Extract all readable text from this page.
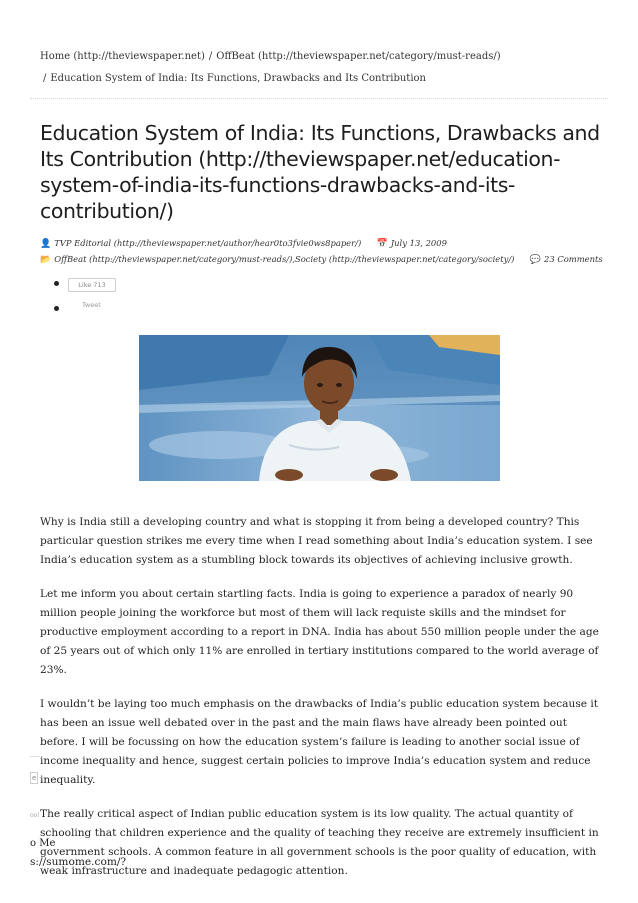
Home (http://theviewspaper.net) / OffBeat (http://theviewspaper.net/category/must-reads/)
/ Education System of India: Its Functions, Drawbacks and Its Contribution
Education System of India: Its Functions, Drawbacks and Its Contribution (http://theviewspaper.net/education-system-of-india-its-functions-drawbacks-and-its-contribution/)
👤 TVP Editorial (http://theviewspaper.net/author/hear0to3fvie0ws8paper/) 📅 July 13, 2009
📂 OffBeat (http://theviewspaper.net/category/must-reads/),Society (http://theviewspaper.net/category/society/) 💬 23 Comments
Like 713
Tweet

Why is India still a developing country and what is stopping it from being a developed country? This particular question strikes me every time when I read something about India’s education system. I see India’s education system as a stumbling block towards its objectives of achieving inclusive growth.

Let me inform you about certain startling facts. India is going to experience a paradox of nearly 90 million people joining the workforce but most of them will lack requiste skills and the mindset for productive employment according to a report in DNA. India has about 550 million people under the age of 25 years out of which only 11% are enrolled in tertiary institutions compared to the world average of 23%.

I wouldn’t be laying too much emphasis on the drawbacks of India’s public education system because it has been an issue well debated over in the past and the main flaws have already been pointed out before. I will be focussing on how the education system’s failure is leading to another social issue of income inequality and hence, suggest certain policies to improve India’s education system and reduce inequality.

The really critical aspect of Indian public education system is its low quality. The actual quantity of schooling that children experience and the quality of teaching they receive are extremely insufficient in government schools. A common feature in all government schools is the poor quality of education, with weak infrastructure and inadequate pedagogic attention.

e
ool
o Me
s://sumome.com/?
